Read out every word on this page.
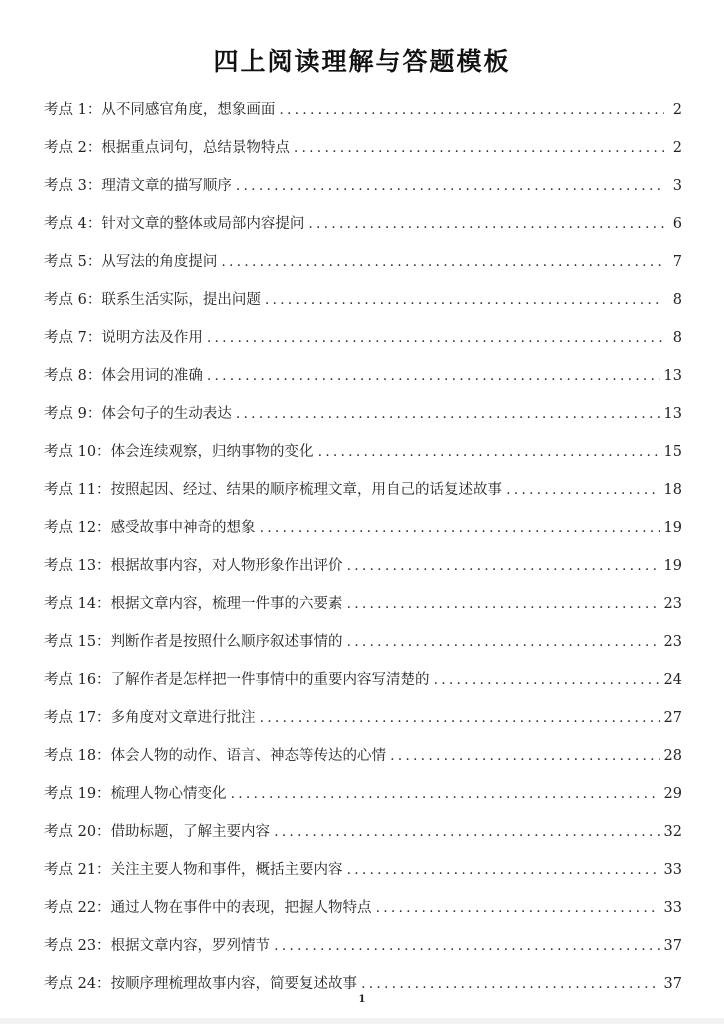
四上阅读理解与答题模板
考点 1： 从不同感官角度，想象画面 .....	2
考点 2： 根据重点词句，总结景物特点 .....	2
考点 3： 理清文章的描写顺序 .....	3
考点 4： 针对文章的整体或局部内容提问 .....	6
考点 5： 从写法的角度提问 .....	7
考点 6： 联系生活实际，提出问题 .....	8
考点 7： 说明方法及作用 .....	8
考点 8： 体会用词的准确 .....	13
考点 9： 体会句子的生动表达 .....	13
考点 10： 体会连续观察，归纳事物的变化 .....	15
考点 11： 按照起因、经过、结果的顺序梳理文章，用自己的话复述故事 .....	18
考点 12： 感受故事中神奇的想象 .....	19
考点 13： 根据故事内容，对人物形象作出评价 .....	19
考点 14： 根据文章内容，梳理一件事的六要素 .....	23
考点 15： 判断作者是按照什么顺序叙述事情的 .....	23
考点 16： 了解作者是怎样把一件事情中的重要内容写清楚的 .....	24
考点 17： 多角度对文章进行批注 .....	27
考点 18： 体会人物的动作、语言、神态等传达的心情 .....	28
考点 19： 梳理人物心情变化 .....	29
考点 20： 借助标题，了解主要内容 .....	32
考点 21： 关注主要人物和事件，概括主要内容 .....	33
考点 22： 通过人物在事件中的表现，把握人物特点 .....	33
考点 23： 根据文章内容，罗列情节 .....	37
考点 24： 按顺序理梳理故事内容，简要复述故事 .....	37
1
